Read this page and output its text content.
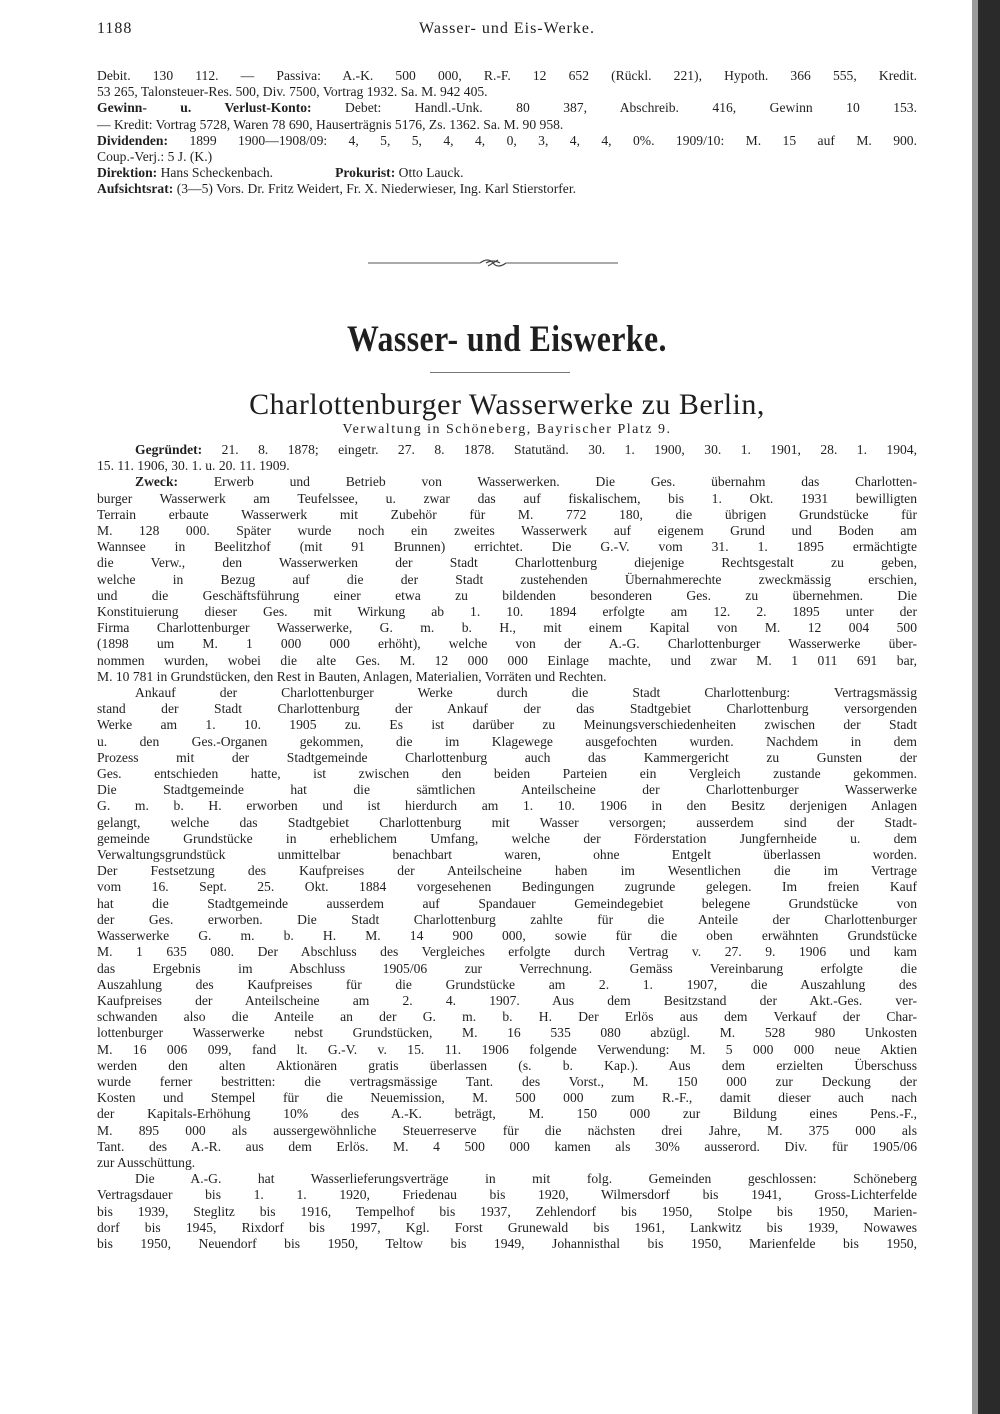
1188	Wasser- und Eis-Werke.

Debit. 130 112. — Passiva: A.-K. 500 000, R.-F. 12 652 (Rückl. 221), Hypoth. 366 555, Kredit.

53 265, Talonsteuer-Res. 500, Div. 7500, Vortrag 1932. Sa. M. 942 405.

Gewinn- u. Verlust-Konto: Debet: Handl.-Unk. 80 387, Abschreib. 416, Gewinn 10 153.

— Kredit: Vortrag 5728, Waren 78 690, Hauserträgnis 5176, Zs. 1362. Sa. M. 90 958.

Dividenden: 1899 1900—1908/09: 4, 5, 5, 4, 4, 0, 3, 4, 4, 0%. 1909/10: M. 15 auf M. 900.

Coup.-Verj.: 5 J. (K.)

Direktion: Hans Scheckenbach.	Prokurist: Otto Lauck.

Aufsichtsrat: (3—5) Vors. Dr. Fritz Weidert, Fr. X. Niederwieser, Ing. Karl Stierstorfer.

Wasser- und Eiswerke.
Charlottenburger Wasserwerke zu Berlin,
Verwaltung in Schöneberg, Bayrischer Platz 9.

Gegründet: 21. 8. 1878; eingetr. 27. 8. 1878. Statutänd. 30. 1. 1900, 30. 1. 1901, 28. 1. 1904,

15. 11. 1906, 30. 1. u. 20. 11. 1909.

Zweck:	Erwerb und Betrieb von Wasserwerken. Die Ges. übernahm das Charlotten-

burger Wasserwerk am Teufelssee, u. zwar das auf fiskalischem, bis 1. Okt. 1931 bewilligten

Terrain erbaute Wasserwerk mit Zubehör für M. 772 180, die übrigen Grundstücke für

M. 128 000. Später wurde noch ein zweites Wasserwerk auf eigenem Grund und Boden am

Wannsee in Beelitzhof (mit 91 Brunnen) errichtet. Die G.-V. vom 31. 1. 1895 ermächtigte

die Verw., den Wasserwerken der Stadt Charlottenburg diejenige Rechtsgestalt zu geben,

welche in Bezug auf die der Stadt zustehenden Übernahmerechte zweckmässig erschien,

und die Geschäftsführung einer etwa zu bildenden besonderen Ges. zu übernehmen. Die

Konstituierung dieser Ges. mit Wirkung ab 1. 10. 1894 erfolgte am 12. 2. 1895 unter der

Firma Charlottenburger Wasserwerke, G. m. b. H., mit einem Kapital von M. 12 004 500

(1898 um M. 1 000 000 erhöht), welche von der A.-G. Charlottenburger Wasserwerke über-

nommen wurden, wobei die alte Ges. M. 12 000 000 Einlage machte, und zwar M. 1 011 691 bar,

M. 10 781 in Grundstücken, den Rest in Bauten, Anlagen, Materialien, Vorräten und Rechten.

Ankauf der Charlottenburger Werke durch die Stadt Charlottenburg: Vertragsmässig

stand der Stadt Charlottenburg der Ankauf der das Stadtgebiet Charlottenburg versorgenden

Werke am 1. 10. 1905 zu. Es ist darüber zu Meinungsverschiedenheiten zwischen der Stadt

u. den Ges.-Organen gekommen, die im Klagewege ausgefochten wurden. Nachdem in dem

Prozess mit der Stadtgemeinde Charlottenburg auch das Kammergericht zu Gunsten der

Ges. entschieden hatte, ist zwischen den beiden Parteien ein Vergleich zustande gekommen.

Die Stadtgemeinde hat die sämtlichen Anteilscheine der Charlottenburger Wasserwerke

G. m. b. H. erworben und ist hierdurch am 1. 10. 1906 in den Besitz derjenigen Anlagen

gelangt, welche das Stadtgebiet Charlottenburg mit Wasser versorgen; ausserdem sind der Stadt-

gemeinde Grundstücke in erheblichem Umfang, welche der Förderstation Jungfernheide u. dem

Verwaltungsgrundstück unmittelbar benachbart waren, ohne Entgelt überlassen worden.

Der Festsetzung des Kaufpreises der Anteilscheine haben im Wesentlichen die im Vertrage

vom 16. Sept. 25. Okt. 1884 vorgesehenen Bedingungen zugrunde gelegen. Im freien Kauf

hat die Stadtgemeinde ausserdem auf Spandauer Gemeindegebiet belegene Grundstücke von

der Ges. erworben. Die Stadt Charlottenburg zahlte für die Anteile der Charlottenburger

Wasserwerke G. m. b. H. M. 14 900 000, sowie für die oben erwähnten Grundstücke

M. 1 635 080. Der Abschluss des Vergleiches erfolgte durch Vertrag v. 27. 9. 1906 und kam

das Ergebnis im Abschluss 1905/06 zur Verrechnung. Gemäss Vereinbarung erfolgte die

Auszahlung des Kaufpreises für die Grundstücke am 2. 1. 1907, die Auszahlung des

Kaufpreises der Anteilscheine am 2. 4. 1907. Aus dem Besitzstand der Akt.-Ges. ver-

schwanden also die Anteile an der G. m. b. H. Der Erlös aus dem Verkauf der Char-

lottenburger Wasserwerke nebst Grundstücken, M. 16 535 080 abzügl. M. 528 980 Unkosten

M. 16 006 099, fand lt. G.-V. v. 15. 11. 1906 folgende Verwendung: M. 5 000 000 neue Aktien

werden den alten Aktionären gratis überlassen (s. b. Kap.). Aus dem erzielten Überschuss

wurde ferner bestritten: die vertragsmässige Tant. des Vorst., M. 150 000 zur Deckung der

Kosten und Stempel für die Neuemission, M. 500 000 zum R.-F., damit dieser auch nach

der Kapitals-Erhöhung 10% des A.-K. beträgt, M. 150 000 zur Bildung eines Pens.-F.,

M. 895 000 als aussergewöhnliche Steuerreserve für die nächsten drei Jahre, M. 375 000 als

Tant. des A.-R. aus dem Erlös. M. 4 500 000 kamen als 30% ausserord. Div. für 1905/06

zur Ausschüttung.

Die A.-G. hat Wasserlieferungsverträge in mit folg. Gemeinden geschlossen: Schöneberg

Vertragsdauer bis 1. 1. 1920, Friedenau bis 1920, Wilmersdorf bis 1941, Gross-Lichterfelde

bis 1939, Steglitz bis 1916, Tempelhof bis 1937, Zehlendorf bis 1950, Stolpe bis 1950, Marien-

dorf bis 1945, Rixdorf bis 1997, Kgl. Forst Grunewald bis 1961, Lankwitz bis 1939, Nowawes

bis 1950, Neuendorf bis 1950, Teltow bis 1949, Johannisthal bis 1950, Marienfelde bis 1950,
